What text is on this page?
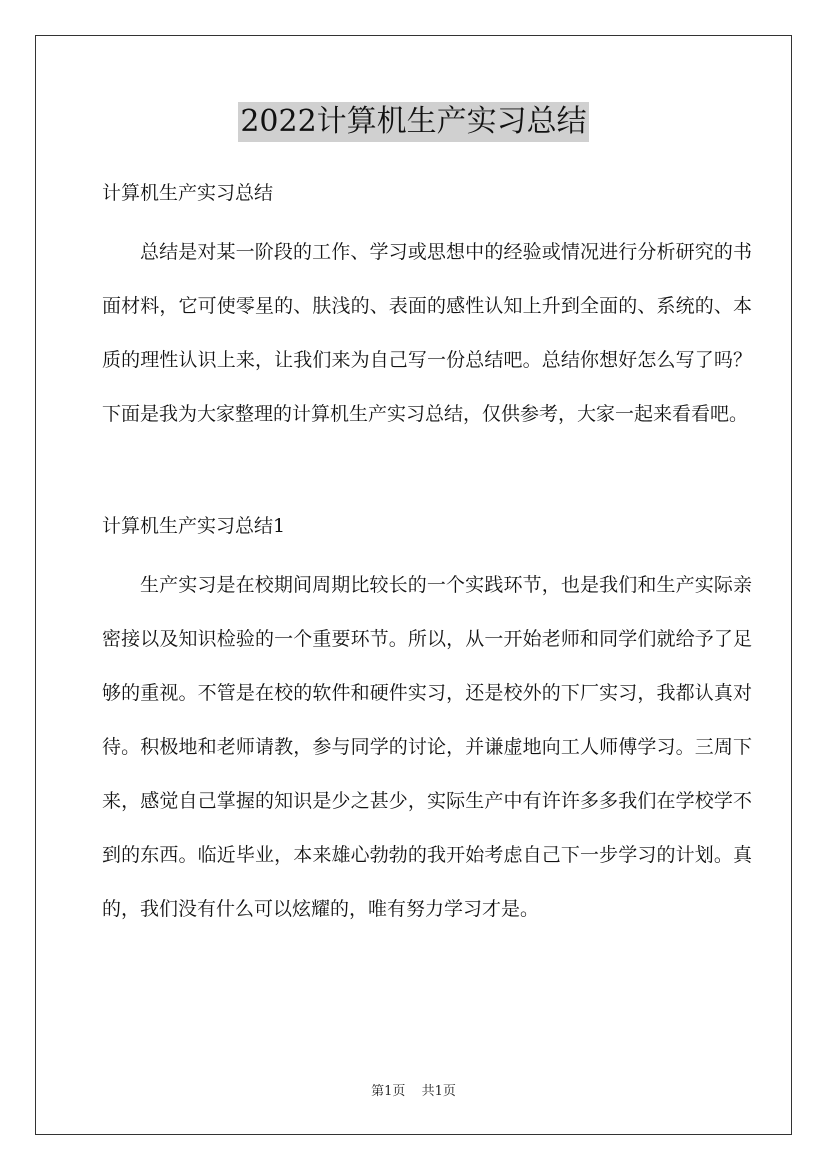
2022计算机生产实习总结

计算机生产实习总结

总结是对某一阶段的工作、学习或思想中的经验或情况进行分析研究的书面材料，它可使零星的、肤浅的、表面的感性认知上升到全面的、系统的、本质的理性认识上来，让我们来为自己写一份总结吧。总结你想好怎么写了吗？下面是我为大家整理的计算机生产实习总结，仅供参考，大家一起来看看吧。

计算机生产实习总结1

生产实习是在校期间周期比较长的一个实践环节，也是我们和生产实际亲密接以及知识检验的一个重要环节。所以，从一开始老师和同学们就给予了足够的重视。不管是在校的软件和硬件实习，还是校外的下厂实习，我都认真对待。积极地和老师请教，参与同学的讨论，并谦虚地向工人师傅学习。三周下来，感觉自己掌握的知识是少之甚少，实际生产中有许许多多我们在学校学不到的东西。临近毕业，本来雄心勃勃的我开始考虑自己下一步学习的计划。真的，我们没有什么可以炫耀的，唯有努力学习才是。

第1页 共1页
